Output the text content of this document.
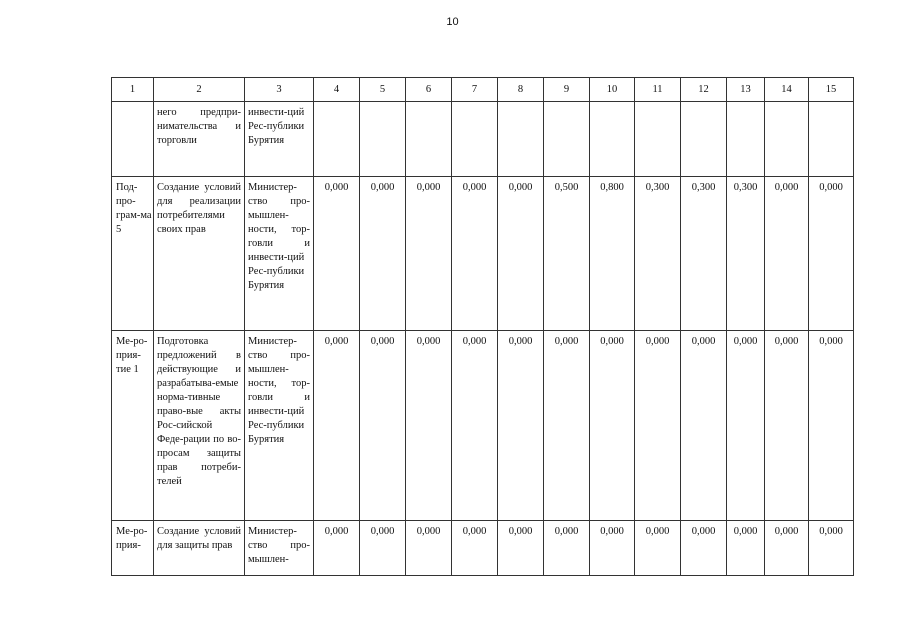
10
1	2	3	4	5	6	7	8	9	10	11	12	13	14	15
	него предпри-нимательства и торговли	инвести-ций Рес-публики Бурятия												
Под-про-грам-ма 5	Создание условий для реализации потребителями своих прав	Министер-ство про-мышлен-ности, тор-говли и инвести-ций Рес-публики Бурятия	0,000	0,000	0,000	0,000	0,000	0,500	0,800	0,300	0,300	0,300	0,000	0,000
Ме-ро-прия-тие 1	Подготовка предложений в действующие и разрабатыва-емые норма-тивные право-вые акты Рос-сийской Феде-рации по во-просам защиты прав потреби-телей	Министер-ство про-мышлен-ности, тор-говли и инвести-ций Рес-публики Бурятия	0,000	0,000	0,000	0,000	0,000	0,000	0,000	0,000	0,000	0,000	0,000	0,000
Ме-ро-прия-	Создание условий для защиты прав	Министер-ство про-мышлен-	0,000	0,000	0,000	0,000	0,000	0,000	0,000	0,000	0,000	0,000	0,000	0,000
